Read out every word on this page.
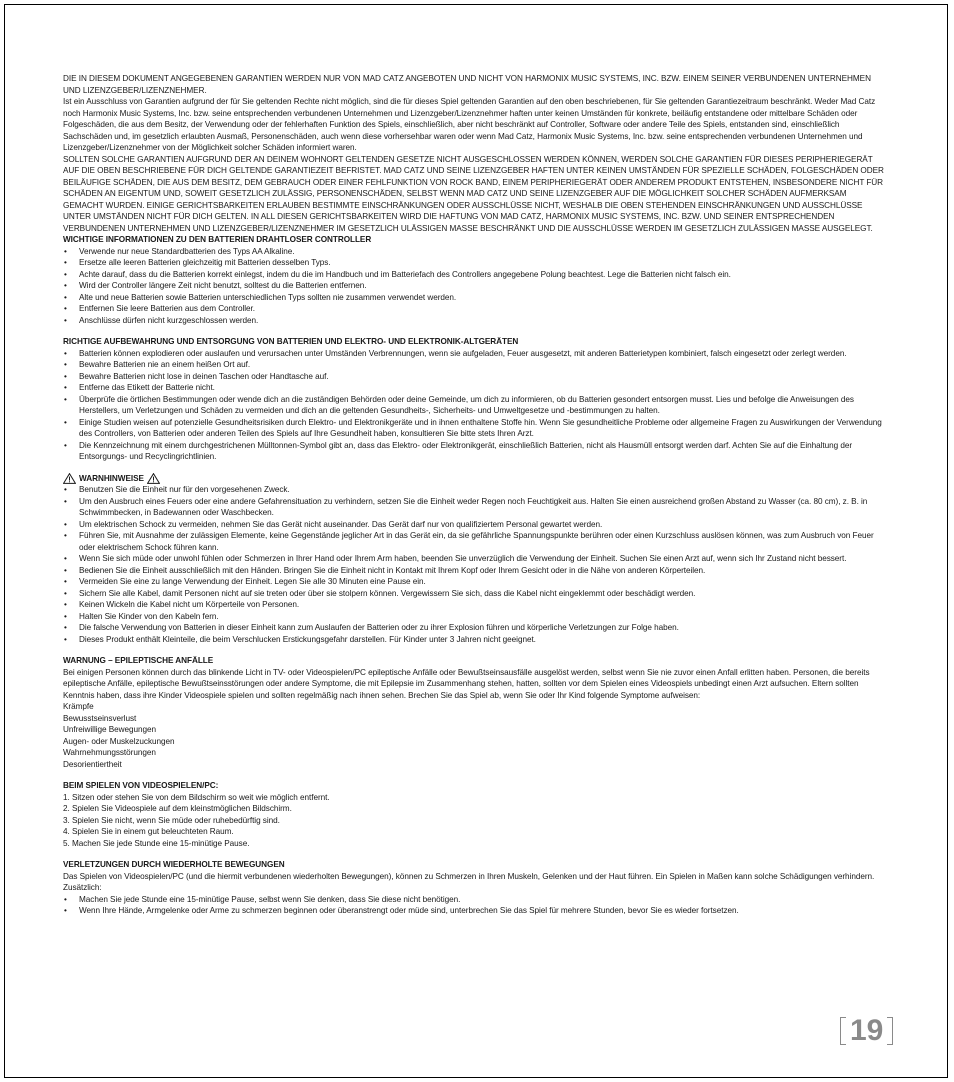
DIE IN DIESEM DOKUMENT ANGEGEBENEN GARANTIEN WERDEN NUR VON MAD CATZ ANGEBOTEN UND NICHT VON HARMONIX MUSIC SYSTEMS, INC. BZW. EINEM SEINER VERBUNDENEN UNTERNEHMEN UND LIZENZGEBER/LIZENZNEHMER.

Ist ein Ausschluss von Garantien aufgrund der für Sie geltenden Rechte nicht möglich, sind die für dieses Spiel geltenden Garantien auf den oben beschriebenen, für Sie geltenden Garantiezeitraum beschränkt. Weder Mad Catz noch Harmonix Music Systems, Inc. bzw. seine entsprechenden verbundenen Unternehmen und Lizenzgeber/Lizenznehmer haften unter keinen Umständen für konkrete, beiläufig entstandene oder mittelbare Schäden oder Folgeschäden, die aus dem Besitz, der Verwendung oder der fehlerhaften Funktion des Spiels, einschließlich, aber nicht beschränkt auf Controller, Software oder andere Teile des Spiels, entstanden sind, einschließlich Sachschäden und, im gesetzlich erlaubten Ausmaß, Personenschäden, auch wenn diese vorhersehbar waren oder wenn Mad Catz, Harmonix Music Systems, Inc. bzw. seine entsprechenden verbundenen Unternehmen und Lizenzgeber/Lizenznehmer von der Möglichkeit solcher Schäden informiert waren.

SOLLTEN SOLCHE GARANTIEN AUFGRUND DER AN DEINEM WOHNORT GELTENDEN GESETZE NICHT AUSGESCHLOSSEN WERDEN KÖNNEN, WERDEN SOLCHE GARANTIEN FÜR DIESES PERIPHERIEGERÄT AUF DIE OBEN BESCHRIEBENE FÜR DICH GELTENDE GARANTIEZEIT BEFRISTET. MAD CATZ UND SEINE LIZENZGEBER HAFTEN UNTER KEINEN UMSTÄNDEN FÜR SPEZIELLE SCHÄDEN, FOLGESCHÄDEN ODER BEILÄUFIGE SCHÄDEN, DIE AUS DEM BESITZ, DEM GEBRAUCH ODER EINER FEHLFUNKTION VON ROCK BAND, EINEM PERIPHERIEGERÄT ODER ANDEREM PRODUKT ENTSTEHEN, INSBESONDERE NICHT FÜR SCHÄDEN AN EIGENTUM UND, SOWEIT GESETZLICH ZULÄSSIG, PERSONENSCHÄDEN, SELBST WENN MAD CATZ UND SEINE LIZENZGEBER AUF DIE MÖGLICHKEIT SOLCHER SCHÄDEN AUFMERKSAM GEMACHT WURDEN. EINIGE GERICHTSBARKEITEN ERLAUBEN BESTIMMTE EINSCHRÄNKUNGEN ODER AUSSCHLÜSSE NICHT, WESHALB DIE OBEN STEHENDEN EINSCHRÄNKUNGEN UND AUSSCHLÜSSE UNTER UMSTÄNDEN NICHT FÜR DICH GELTEN. IN ALL DIESEN GERICHTSBARKEITEN WIRD DIE HAFTUNG VON MAD CATZ, HARMONIX MUSIC SYSTEMS, INC. BZW. UND SEINER ENTSPRECHENDEN VERBUNDENEN UNTERNEHMEN UND LIZENZGEBER/LIZENZNEHMER IM GESETZLICH ULÄSSIGEN MASSE BESCHRÄNKT UND DIE AUSSCHLÜSSE WERDEN IM GESETZLICH ZULÄSSIGEN MASSE AUSGELEGT.

WICHTIGE INFORMATIONEN ZU DEN BATTERIEN DRAHTLOSER CONTROLLER

• Verwende nur neue Standardbatterien des Typs AA Alkaline.
• Ersetze alle leeren Batterien gleichzeitig mit Batterien desselben Typs.
• Achte darauf, dass du die Batterien korrekt einlegst, indem du die im Handbuch und im Batteriefach des Controllers angegebene Polung beachtest. Lege die Batterien nicht falsch ein.
• Wird der Controller längere Zeit nicht benutzt, solltest du die Batterien entfernen.
• Alte und neue Batterien sowie Batterien unterschiedlichen Typs sollten nie zusammen verwendet werden.
• Entfernen Sie leere Batterien aus dem Controller.
• Anschlüsse dürfen nicht kurzgeschlossen werden.

RICHTIGE AUFBEWAHRUNG UND ENTSORGUNG VON BATTERIEN UND ELEKTRO- UND ELEKTRONIK-ALTGERÄTEN

• Batterien können explodieren oder auslaufen und verursachen unter Umständen Verbrennungen, wenn sie aufgeladen, Feuer ausgesetzt, mit anderen Batterietypen kombiniert, falsch eingesetzt oder zerlegt werden.
• Bewahre Batterien nie an einem heißen Ort auf.
• Bewahre Batterien nicht lose in deinen Taschen oder Handtasche auf.
• Entferne das Etikett der Batterie nicht.
• Überprüfe die örtlichen Bestimmungen oder wende dich an die zuständigen Behörden oder deine Gemeinde, um dich zu informieren, ob du Batterien gesondert entsorgen musst. Lies und befolge die Anweisungen des Herstellers, um Verletzungen und Schäden zu vermeiden und dich an die geltenden Gesundheits-, Sicherheits- und Umweltgesetze und -bestimmungen zu halten.
• Einige Studien weisen auf potenzielle Gesundheitsrisiken durch Elektro- und Elektronikgeräte und in ihnen enthaltene Stoffe hin. Wenn Sie gesundheitliche Probleme oder allgemeine Fragen zu Auswirkungen der Verwendung des Controllers, von Batterien oder anderen Teilen des Spiels auf Ihre Gesundheit haben, konsultieren Sie bitte stets Ihren Arzt.
• Die Kennzeichnung mit einem durchgestrichenen Mülltonnen-Symbol gibt an, dass das Elektro- oder Elektronikgerät, einschließlich Batterien, nicht als Hausmüll entsorgt werden darf. Achten Sie auf die Einhaltung der Entsorgungs- und Recyclingrichtlinien.
WARNHINWEISE
• Benutzen Sie die Einheit nur für den vorgesehenen Zweck.
• Um den Ausbruch eines Feuers oder eine andere Gefahrensituation zu verhindern, setzen Sie die Einheit weder Regen noch Feuchtigkeit aus. Halten Sie einen ausreichend großen Abstand zu Wasser (ca. 80 cm), z. B. in Schwimmbecken, in Badewannen oder Waschbecken.
• Um elektrischen Schock zu vermeiden, nehmen Sie das Gerät nicht auseinander. Das Gerät darf nur von qualifiziertem Personal gewartet werden.
• Führen Sie, mit Ausnahme der zulässigen Elemente, keine Gegenstände jeglicher Art in das Gerät ein, da sie gefährliche Spannungspunkte berühren oder einen Kurzschluss auslösen können, was zum Ausbruch von Feuer oder elektrischem Schock führen kann.
• Wenn Sie sich müde oder unwohl fühlen oder Schmerzen in Ihrer Hand oder Ihrem Arm haben, beenden Sie unverzüglich die Verwendung der Einheit. Suchen Sie einen Arzt auf, wenn sich Ihr Zustand nicht bessert.
• Bedienen Sie die Einheit ausschließlich mit den Händen. Bringen Sie die Einheit nicht in Kontakt mit Ihrem Kopf oder Ihrem Gesicht oder in die Nähe von anderen Körperteilen.
• Vermeiden Sie eine zu lange Verwendung der Einheit. Legen Sie alle 30 Minuten eine Pause ein.
• Sichern Sie alle Kabel, damit Personen nicht auf sie treten oder über sie stolpern können. Vergewissern Sie sich, dass die Kabel nicht eingeklemmt oder beschädigt werden.
• Keinen Wickeln die Kabel nicht um Körperteile von Personen.
• Halten Sie Kinder von den Kabeln fern.
• Die falsche Verwendung von Batterien in dieser Einheit kann zum Auslaufen der Batterien oder zu ihrer Explosion führen und körperliche Verletzungen zur Folge haben.
• Dieses Produkt enthält Kleinteile, die beim Verschlucken Erstickungsgefahr darstellen. Für Kinder unter 3 Jahren nicht geeignet.

WARNUNG – EPILEPTISCHE ANFÄLLE

Bei einigen Personen können durch das blinkende Licht in TV- oder Videospielen/PC epileptische Anfälle oder Bewußtseinsausfälle ausgelöst werden, selbst wenn Sie nie zuvor einen Anfall erlitten haben. Personen, die bereits epileptische Anfälle, epileptische Bewußtseinsstörungen oder andere Symptome, die mit Epilepsie im Zusammenhang stehen, hatten, sollten vor dem Spielen eines Videospiels unbedingt einen Arzt aufsuchen. Eltern sollten Kenntnis haben, dass ihre Kinder Videospiele spielen und sollten regelmäßig nach ihnen sehen. Brechen Sie das Spiel ab, wenn Sie oder Ihr Kind folgende Symptome aufweisen:

Krämpfe

Bewusstseinsverlust

Unfreiwillige Bewegungen

Augen- oder Muskelzuckungen

Wahrnehmungsstörungen

Desorientiertheit

BEIM SPIELEN VON VIDEOSPIELEN/PC:

1. Sitzen oder stehen Sie von dem Bildschirm so weit wie möglich entfernt.

2. Spielen Sie Videospiele auf dem kleinstmöglichen Bildschirm.

3. Spielen Sie nicht, wenn Sie müde oder ruhebedürftig sind.

4. Spielen Sie in einem gut beleuchteten Raum.

5. Machen Sie jede Stunde eine 15-minütige Pause.

VERLETZUNGEN DURCH WIEDERHOLTE BEWEGUNGEN

Das Spielen von Videospielen/PC (und die hiermit verbundenen wiederholten Bewegungen), können zu Schmerzen in Ihren Muskeln, Gelenken und der Haut führen. Ein Spielen in Maßen kann solche Schädigungen verhindern. Zusätzlich:

• Machen Sie jede Stunde eine 15-minütige Pause, selbst wenn Sie denken, dass Sie diese nicht benötigen.
• Wenn Ihre Hände, Armgelenke oder Arme zu schmerzen beginnen oder überanstrengt oder müde sind, unterbrechen Sie das Spiel für mehrere Stunden, bevor Sie es wieder fortsetzen.
19
